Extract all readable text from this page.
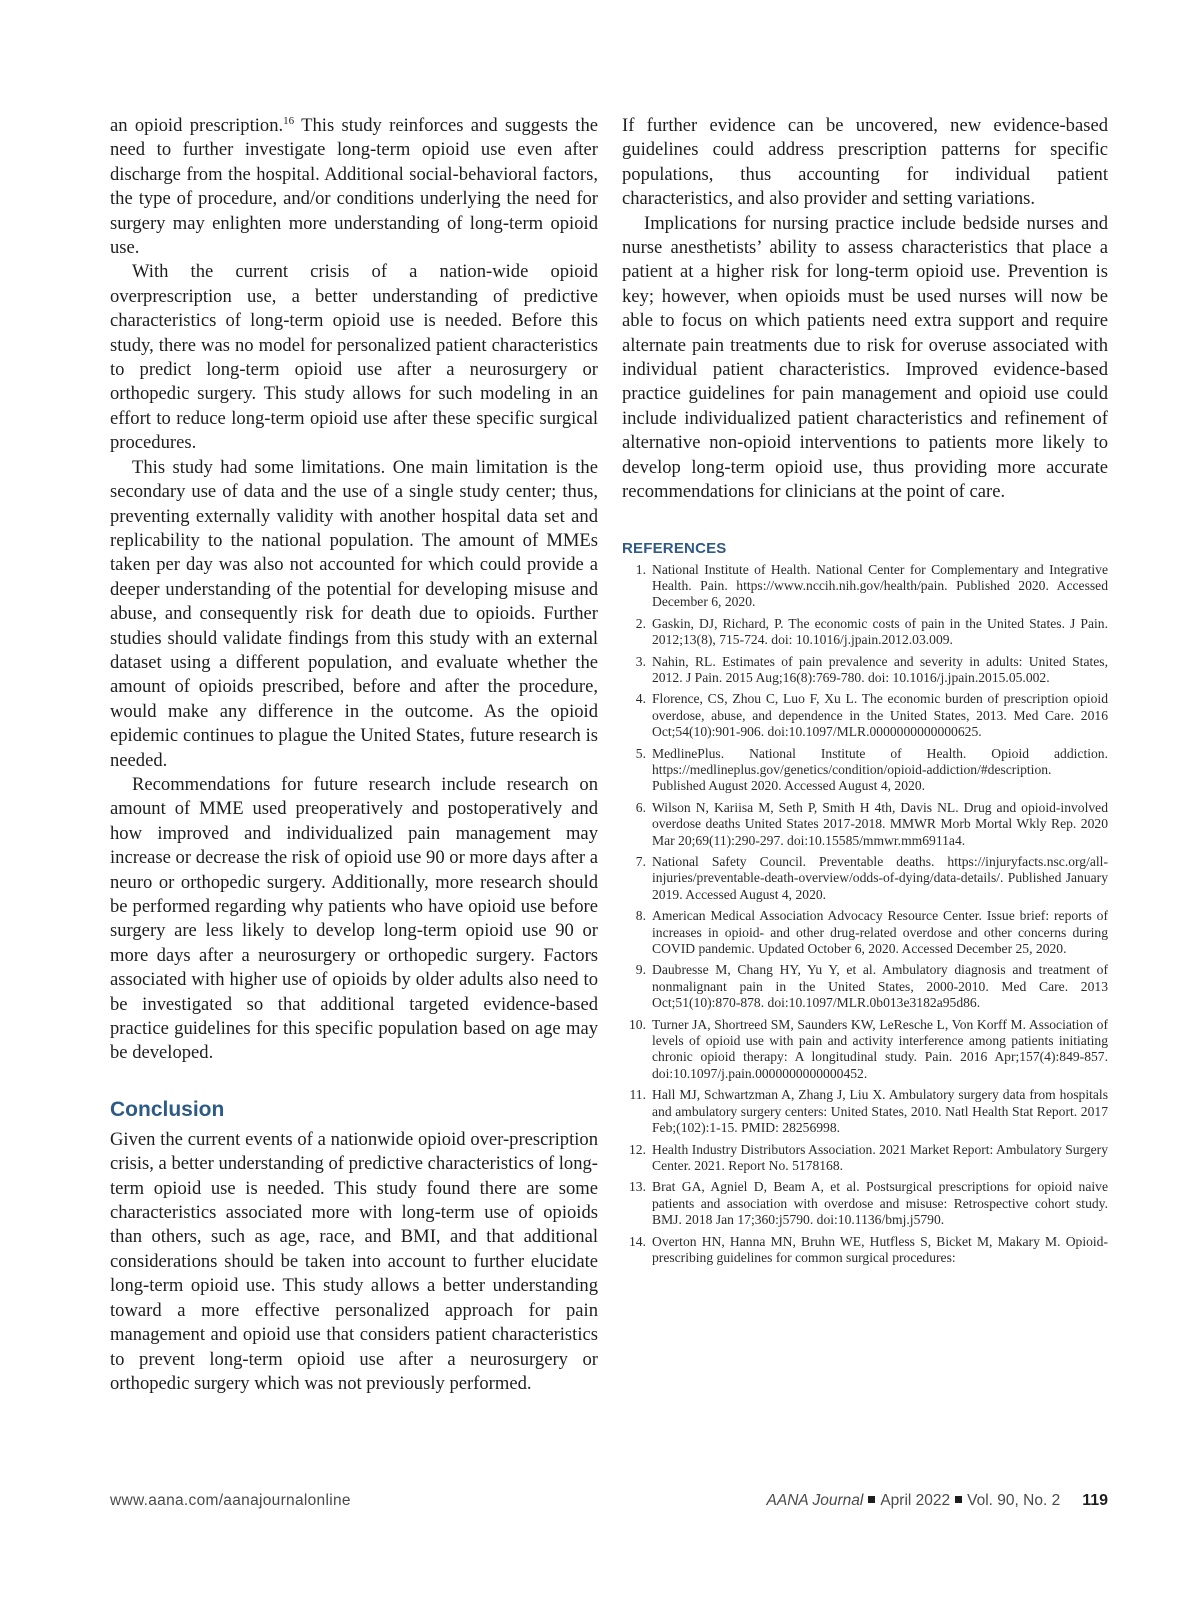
an opioid prescription.$^{16}$ This study reinforces and suggests the need to further investigate long-term opioid use even after discharge from the hospital. Additional social-behavioral factors, the type of procedure, and/or conditions underlying the need for surgery may enlighten more understanding of long-term opioid use.

With the current crisis of a nation-wide opioid overprescription use, a better understanding of predictive characteristics of long-term opioid use is needed. Before this study, there was no model for personalized patient characteristics to predict long-term opioid use after a neurosurgery or orthopedic surgery. This study allows for such modeling in an effort to reduce long-term opioid use after these specific surgical procedures.

This study had some limitations. One main limitation is the secondary use of data and the use of a single study center; thus, preventing externally validity with another hospital data set and replicability to the national population. The amount of MMEs taken per day was also not accounted for which could provide a deeper understanding of the potential for developing misuse and abuse, and consequently risk for death due to opioids. Further studies should validate findings from this study with an external dataset using a different population, and evaluate whether the amount of opioids prescribed, before and after the procedure, would make any difference in the outcome. As the opioid epidemic continues to plague the United States, future research is needed.

Recommendations for future research include research on amount of MME used preoperatively and postoperatively and how improved and individualized pain management may increase or decrease the risk of opioid use 90 or more days after a neuro or orthopedic surgery. Additionally, more research should be performed regarding why patients who have opioid use before surgery are less likely to develop long-term opioid use 90 or more days after a neurosurgery or orthopedic surgery. Factors associated with higher use of opioids by older adults also need to be investigated so that additional targeted evidence-based practice guidelines for this specific population based on age may be developed.

Conclusion

Given the current events of a nationwide opioid over-prescription crisis, a better understanding of predictive characteristics of long-term opioid use is needed. This study found there are some characteristics associated more with long-term use of opioids than others, such as age, race, and BMI, and that additional considerations should be taken into account to further elucidate long-term opioid use. This study allows a better understanding toward a more effective personalized approach for pain management and opioid use that considers patient characteristics to prevent long-term opioid use after a neurosurgery or orthopedic surgery which was not previously performed.

If further evidence can be uncovered, new evidence-based guidelines could address prescription patterns for specific populations, thus accounting for individual patient characteristics, and also provider and setting variations.

Implications for nursing practice include bedside nurses and nurse anesthetists’ ability to assess characteristics that place a patient at a higher risk for long-term opioid use. Prevention is key; however, when opioids must be used nurses will now be able to focus on which patients need extra support and require alternate pain treatments due to risk for overuse associated with individual patient characteristics. Improved evidence-based practice guidelines for pain management and opioid use could include individualized patient characteristics and refinement of alternative non-opioid interventions to patients more likely to develop long-term opioid use, thus providing more accurate recommendations for clinicians at the point of care.

REFERENCES
1. National Institute of Health. National Center for Complementary and Integrative Health. Pain. https://www.nccih.nih.gov/health/pain. Published 2020. Accessed December 6, 2020.
2. Gaskin, DJ, Richard, P. The economic costs of pain in the United States. J Pain. 2012;13(8), 715-724. doi: 10.1016/j.jpain.2012.03.009.
3. Nahin, RL. Estimates of pain prevalence and severity in adults: United States, 2012. J Pain. 2015 Aug;16(8):769-780. doi: 10.1016/j.jpain.2015.05.002.
4. Florence, CS, Zhou C, Luo F, Xu L. The economic burden of prescription opioid overdose, abuse, and dependence in the United States, 2013. Med Care. 2016 Oct;54(10):901-906. doi:10.1097/MLR.0000000000000625.
5. MedlinePlus. National Institute of Health. Opioid addiction. https://medlineplus.gov/genetics/condition/opioid-addiction/#description. Published August 2020. Accessed August 4, 2020.
6. Wilson N, Kariisa M, Seth P, Smith H 4th, Davis NL. Drug and opioid-involved overdose deaths United States 2017-2018. MMWR Morb Mortal Wkly Rep. 2020 Mar 20;69(11):290-297. doi:10.15585/mmwr.mm6911a4.
7. National Safety Council. Preventable deaths. https://injuryfacts.nsc.org/all-injuries/preventable-death-overview/odds-of-dying/data-details/. Published January 2019. Accessed August 4, 2020.
8. American Medical Association Advocacy Resource Center. Issue brief: reports of increases in opioid- and other drug-related overdose and other concerns during COVID pandemic. Updated October 6, 2020. Accessed December 25, 2020.
9. Daubresse M, Chang HY, Yu Y, et al. Ambulatory diagnosis and treatment of nonmalignant pain in the United States, 2000-2010. Med Care. 2013 Oct;51(10):870-878. doi:10.1097/MLR.0b013e3182a95d86.
10. Turner JA, Shortreed SM, Saunders KW, LeResche L, Von Korff M. Association of levels of opioid use with pain and activity interference among patients initiating chronic opioid therapy: A longitudinal study. Pain. 2016 Apr;157(4):849-857. doi:10.1097/j.pain.0000000000000452.
11. Hall MJ, Schwartzman A, Zhang J, Liu X. Ambulatory surgery data from hospitals and ambulatory surgery centers: United States, 2010. Natl Health Stat Report. 2017 Feb;(102):1-15. PMID: 28256998.
12. Health Industry Distributors Association. 2021 Market Report: Ambulatory Surgery Center. 2021. Report No. 5178168.
13. Brat GA, Agniel D, Beam A, et al. Postsurgical prescriptions for opioid naive patients and association with overdose and misuse: Retrospective cohort study. BMJ. 2018 Jan 17;360:j5790. doi:10.1136/bmj.j5790.
14. Overton HN, Hanna MN, Bruhn WE, Hutfless S, Bicket M, Makary M. Opioid-prescribing guidelines for common surgical procedures:
www.aana.com/aanajournalonline	AANA Journal April 2022 Vol. 90, No. 2 119
